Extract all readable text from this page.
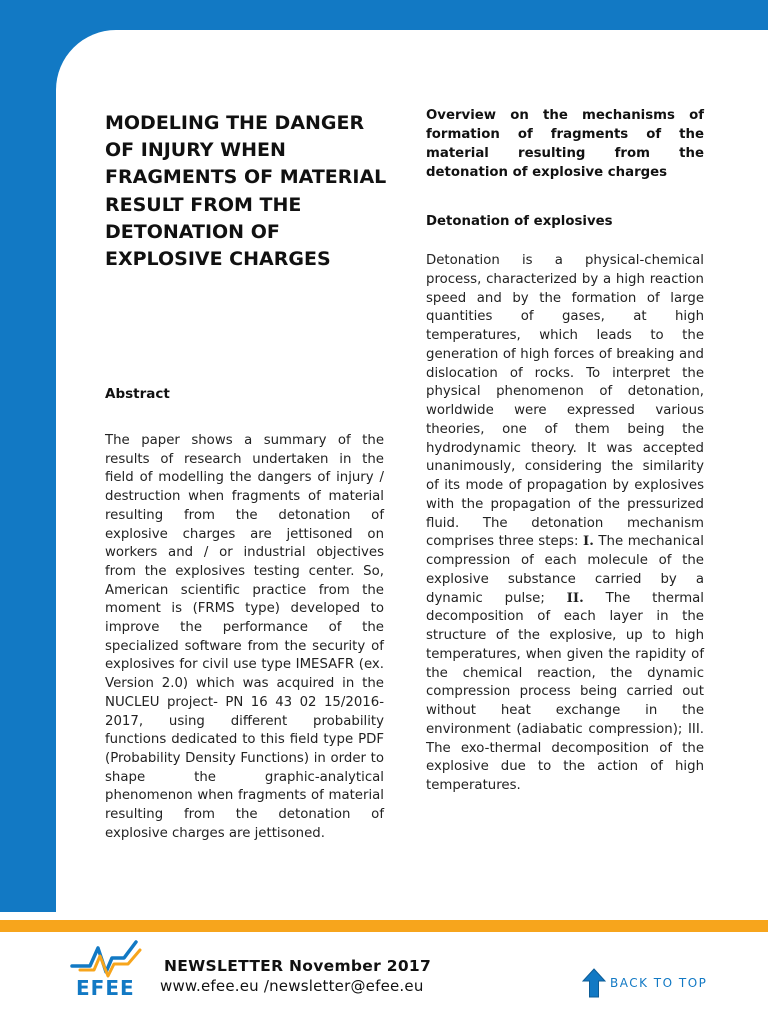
MODELING THE DANGER OF INJURY WHEN FRAGMENTS OF MATERIAL RESULT FROM THE DETONATION OF EXPLOSIVE CHARGES
Abstract

The paper shows a summary of the results of research undertaken in the field of modelling the dangers of injury / destruction when fragments of material resulting from the detonation of explosive charges are jettisoned on workers and / or industrial objectives from the explosives testing center. So, American scientific practice from the moment is (FRMS type) developed to improve the performance of the specialized software from the security of explosives for civil use type IMESAFR (ex. Version 2.0) which was acquired in the NUCLEU project- PN 16 43 02 15/2016- 2017, using different probability functions dedicated to this field type PDF (Probability Density Functions) in order to shape the graphic-analytical phenomenon when fragments of material resulting from the detonation of explosive charges are jettisoned.

Overview on the mechanisms of formation of fragments of the material resulting from the detonation of explosive charges

Detonation of explosives

Detonation is a physical-chemical process, characterized by a high reaction speed and by the formation of large quantities of gases, at high temperatures, which leads to the generation of high forces of breaking and dislocation of rocks. To interpret the physical phenomenon of detonation, worldwide were expressed various theories, one of them being the hydrodynamic theory. It was accepted unanimously, considering the similarity of its mode of propagation by explosives with the propagation of the pressurized fluid. The detonation mechanism comprises three steps: I. The mechanical compression of each molecule of the explosive substance carried by a dynamic pulse; II. The thermal decomposition of each layer in the structure of the explosive, up to high temperatures, when given the rapidity of the chemical reaction, the dynamic compression process being carried out without heat exchange in the environment (adiabatic compression); III. The exo-thermal decomposition of the explosive due to the action of high temperatures.

EFEE
NEWSLETTER November 2017
www.efee.eu /newsletter@efee.eu	BACK TO TOP
